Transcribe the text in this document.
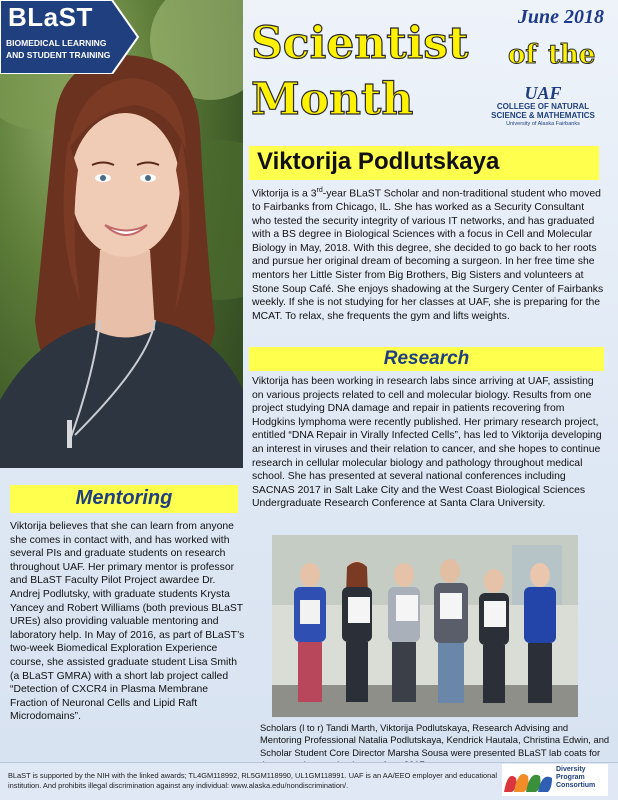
BLaST
BIOMEDICAL LEARNING
AND STUDENT TRAINING
June 2018
Scientist of the
Month	UAF
COLLEGE OF NATURAL
SCIENCE & MATHEMATICS
University of Alaska Fairbanks
Viktorija Podlutskaya
Viktorija is a 3rd-year BLaST Scholar and non-traditional student who moved to Fairbanks from Chicago, IL. She has worked as a Security Consultant who tested the security integrity of various IT networks, and has graduated with a BS degree in Biological Sciences with a focus in Cell and Molecular Biology in May, 2018. With this degree, she decided to go back to her roots and pursue her original dream of becoming a surgeon. In her free time she mentors her Little Sister from Big Brothers, Big Sisters and volunteers at Stone Soup Café. She enjoys shadowing at the Surgery Center of Fairbanks weekly. If she is not studying for her classes at UAF, she is preparing for the MCAT. To relax, she frequents the gym and lifts weights.
Research
Viktorija has been working in research labs since arriving at UAF, assisting on various projects related to cell and molecular biology. Results from one project studying DNA damage and repair in patients recovering from Hodgkins lymphoma were recently published. Her primary research project, entitled “DNA Repair in Virally Infected Cells”, has led to Viktorija developing an interest in viruses and their relation to cancer, and she hopes to continue research in cellular molecular biology and pathology throughout medical school. She has presented at several national conferences including SACNAS 2017 in Salt Lake City and the West Coast Biological Sciences Undergraduate Research Conference at Santa Clara University.
Mentoring
Viktorija believes that she can learn from anyone she comes in contact with, and has worked with several PIs and graduate students on research throughout UAF. Her primary mentor is professor and BLaST Faculty Pilot Project awardee Dr. Andrej Podlutsky, with graduate students Krysta Yancey and Robert Williams (both previous BLaST UREs) also providing valuable mentoring and laboratory help. In May of 2016, as part of BLaST’s two-week Biomedical Exploration Experience course, she assisted graduate student Lisa Smith (a BLaST GMRA) with a short lab project called “Detection of CXCR4 in Plasma Membrane Fraction of Neuronal Cells and Lipid Raft Microdomains”.
Scholars (l to r) Tandi Marth, Viktorija Podlutskaya, Research Advising and Mentoring Professional Natalia Podlutskaya, Kendrick Hautala, Christina Edwin, and Scholar Student Core Director Marsha Sousa were presented BLaST lab coats for
BLaST is supported by the NIH with the linked awards; TL4GM118992, RL5GM118990, UL1GM118991. UAF is an AA/EEO employer and educational institution. And prohibits illegal discrimination against any individual: www.alaska.edu/nondiscrimination/.
Diversity
Program
Consortium
